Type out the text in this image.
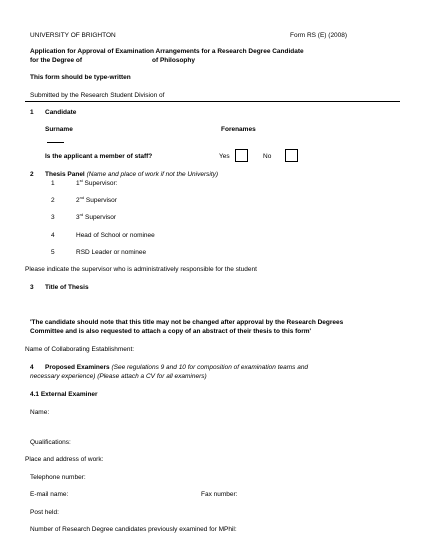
UNIVERSITY OF BRIGHTON	Form RS (E) (2008)
Application for Approval of Examination Arrangements for a Research Degree Candidate
for the Degree of	of Philosophy
This form should be type-written
Submitted by the Research Student Division of
1 Candidate
Surname	Forenames
Is the applicant a member of staff?	Yes	No
2 Thesis Panel (Name and place of work if not the University)
1	1st Supervisor:
2	2nd Supervisor
3	3rd Supervisor
4	Head of School or nominee
5	RSD Leader or nominee
Please indicate the supervisor who is administratively responsible for the student
3 Title of Thesis
'The candidate should note that this title may not be changed after approval by the Research Degrees
Committee and is also requested to attach a copy of an abstract of their thesis to this form'
Name of Collaborating Establishment:
4 Proposed Examiners (See regulations 9 and 10 for composition of examination teams and
necessary experience) (Please attach a CV for all examiners)
4.1 External Examiner
Name:
Qualifications:
Place and address of work:
Telephone number:
E-mail name:	Fax number:
Post held:
Number of Research Degree candidates previously examined for MPhil:
